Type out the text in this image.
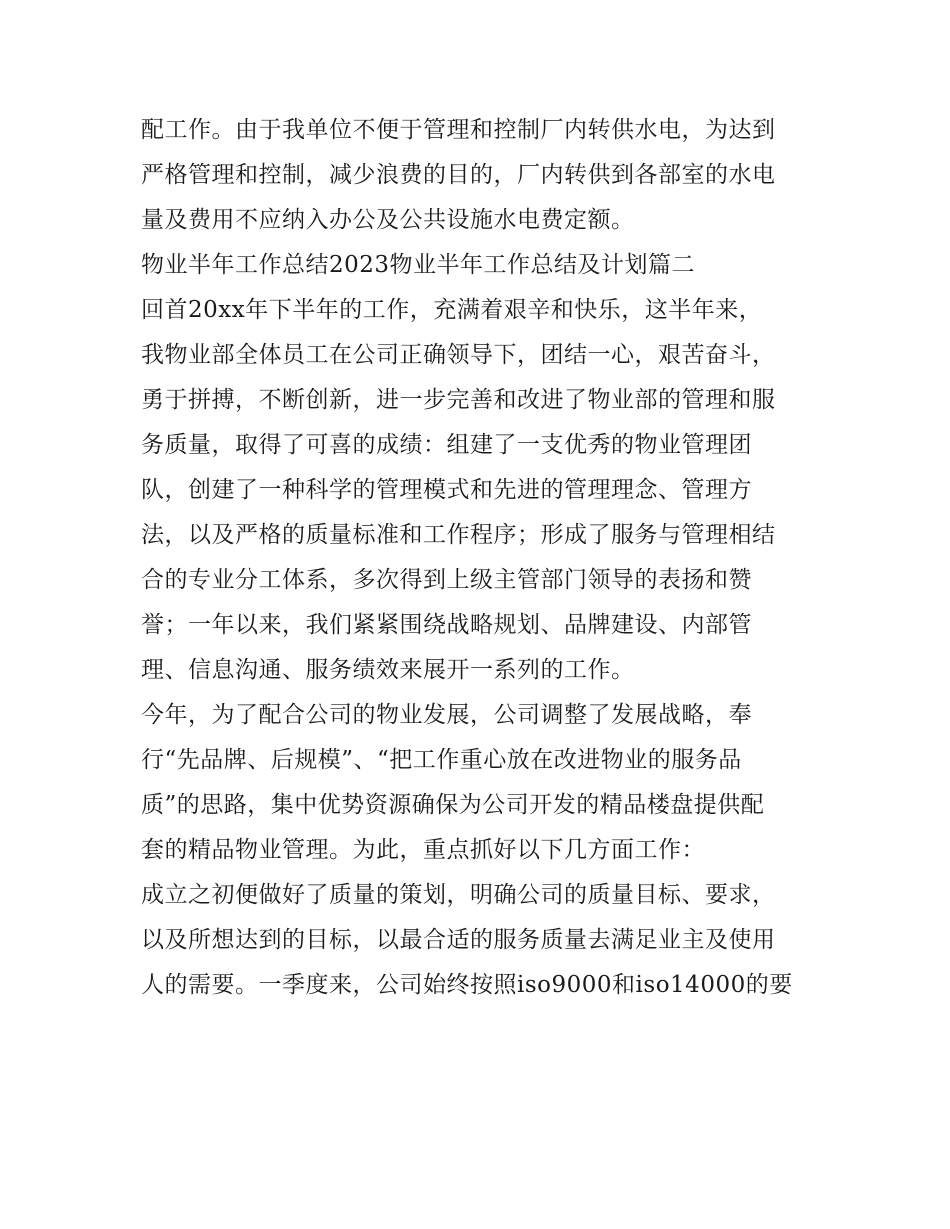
配工作。由于我单位不便于管理和控制厂内转供水电，为达到
严格管理和控制，减少浪费的目的，厂内转供到各部室的水电
量及费用不应纳入办公及公共设施水电费定额。
物业半年工作总结2023物业半年工作总结及计划篇二
回首20xx年下半年的工作，充满着艰辛和快乐，这半年来，
我物业部全体员工在公司正确领导下，团结一心，艰苦奋斗，
勇于拼搏，不断创新，进一步完善和改进了物业部的管理和服
务质量，取得了可喜的成绩：组建了一支优秀的物业管理团
队，创建了一种科学的管理模式和先进的管理理念、管理方
法，以及严格的质量标准和工作程序；形成了服务与管理相结
合的专业分工体系，多次得到上级主管部门领导的表扬和赞
誉；一年以来，我们紧紧围绕战略规划、品牌建设、内部管
理、信息沟通、服务绩效来展开一系列的工作。
今年，为了配合公司的物业发展，公司调整了发展战略，奉
行“先品牌、后规模”、“把工作重心放在改进物业的服务品
质”的思路，集中优势资源确保为公司开发的精品楼盘提供配
套的精品物业管理。为此，重点抓好以下几方面工作：
成立之初便做好了质量的策划，明确公司的质量目标、要求，
以及所想达到的目标，以最合适的服务质量去满足业主及使用
人的需要。一季度来，公司始终按照iso9000和iso14000的要
